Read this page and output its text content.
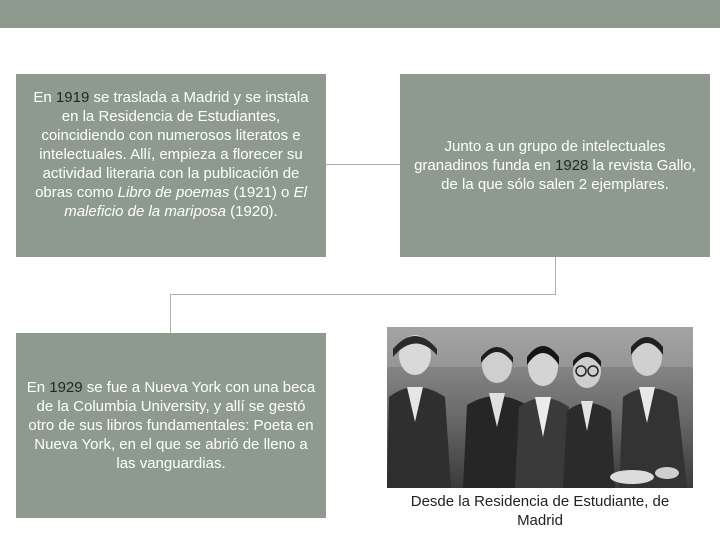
En 1919 se traslada a Madrid y se instala en la Residencia de Estudiantes, coincidiendo con numerosos literatos e intelectuales. Allí, empieza a florecer su actividad literaria con la publicación de obras como Libro de poemas (1921) o El maleficio de la mariposa (1920).

Junto a un grupo de intelectuales granadinos funda en 1928 la revista Gallo, de la que sólo salen 2 ejemplares.

En 1929 se fue a Nueva York con una beca de la Columbia University, y allí se gestó otro de sus libros fundamentales: Poeta en Nueva York, en el que se abrió de lleno a las vanguardias.

Desde la Residencia de Estudiante, de Madrid
